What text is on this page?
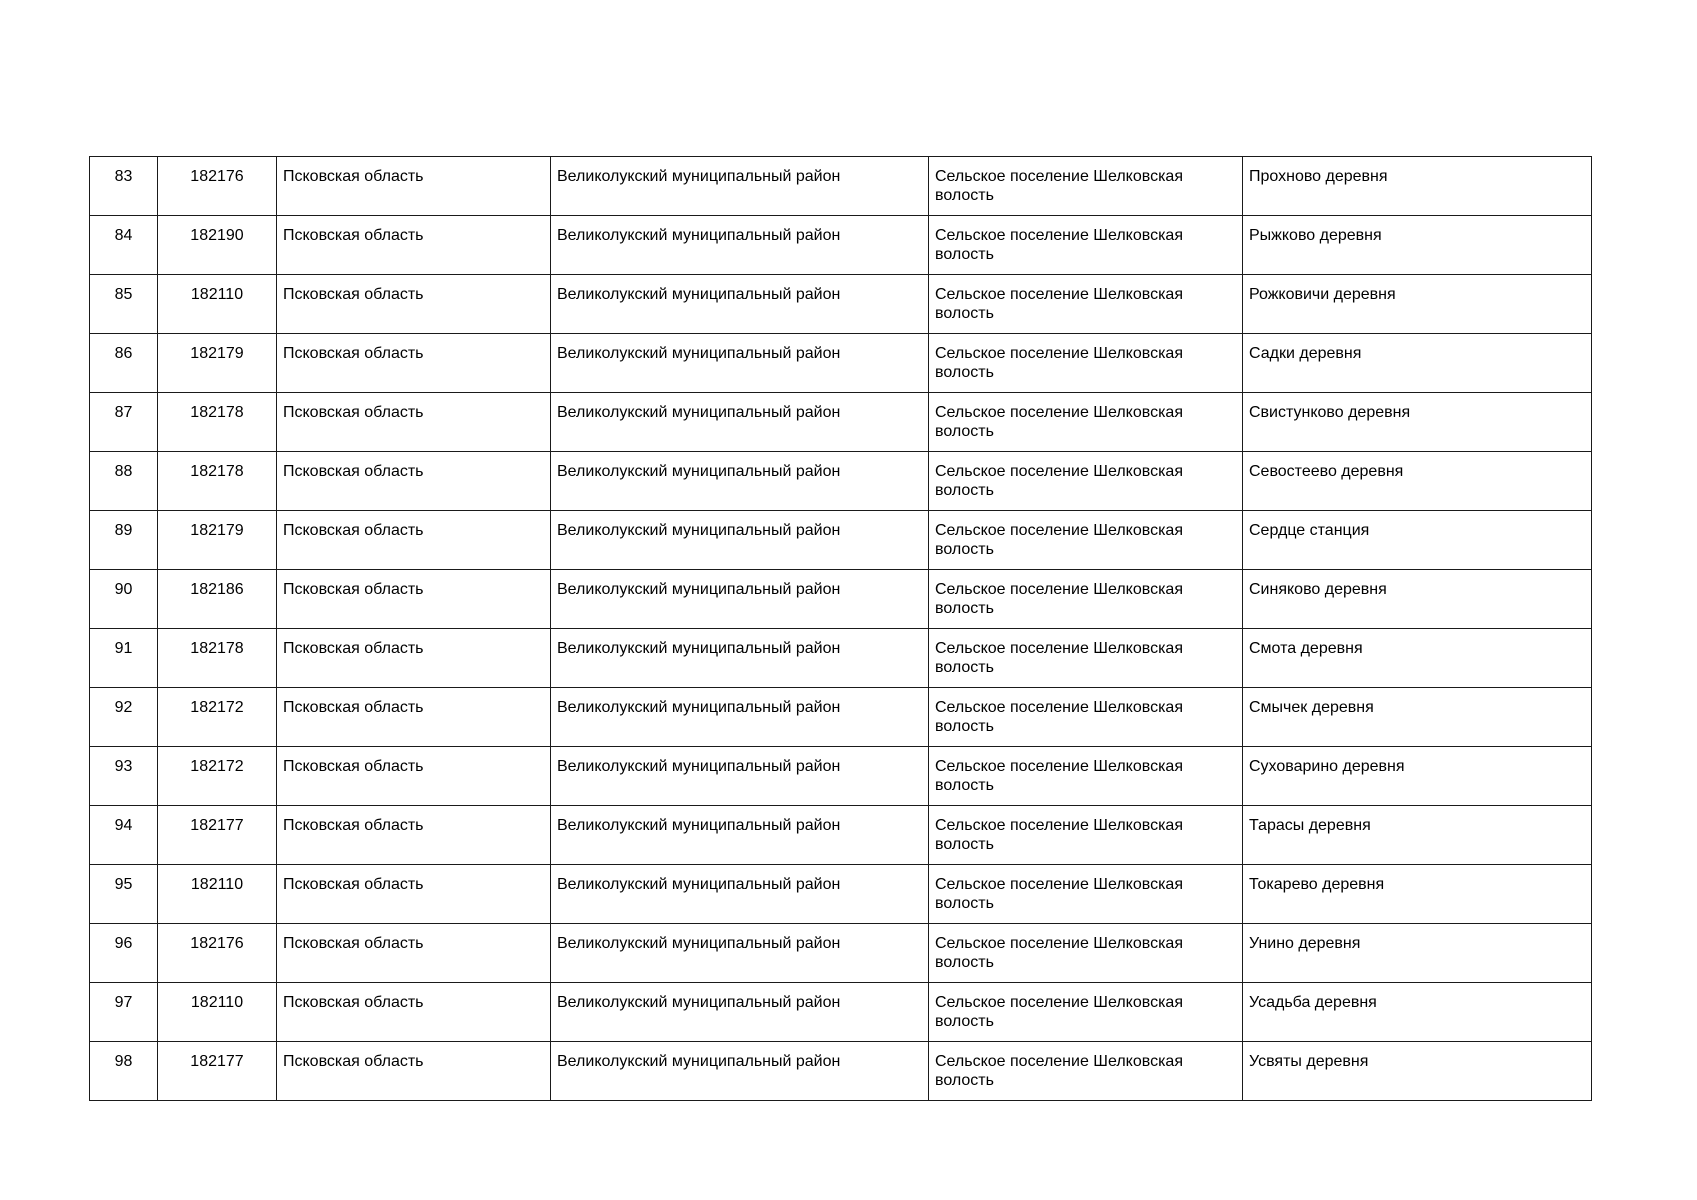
83	182176	Псковская область	Великолукский муниципальный район	Сельское поселение Шелковская волость	Прохново деревня
84	182190	Псковская область	Великолукский муниципальный район	Сельское поселение Шелковская волость	Рыжково деревня
85	182110	Псковская область	Великолукский муниципальный район	Сельское поселение Шелковская волость	Рожковичи деревня
86	182179	Псковская область	Великолукский муниципальный район	Сельское поселение Шелковская волость	Садки деревня
87	182178	Псковская область	Великолукский муниципальный район	Сельское поселение Шелковская волость	Свистунково деревня
88	182178	Псковская область	Великолукский муниципальный район	Сельское поселение Шелковская волость	Севостеево деревня
89	182179	Псковская область	Великолукский муниципальный район	Сельское поселение Шелковская волость	Сердце станция
90	182186	Псковская область	Великолукский муниципальный район	Сельское поселение Шелковская волость	Синяково деревня
91	182178	Псковская область	Великолукский муниципальный район	Сельское поселение Шелковская волость	Смота деревня
92	182172	Псковская область	Великолукский муниципальный район	Сельское поселение Шелковская волость	Смычек деревня
93	182172	Псковская область	Великолукский муниципальный район	Сельское поселение Шелковская волость	Суховарино деревня
94	182177	Псковская область	Великолукский муниципальный район	Сельское поселение Шелковская волость	Тарасы деревня
95	182110	Псковская область	Великолукский муниципальный район	Сельское поселение Шелковская волость	Токарево деревня
96	182176	Псковская область	Великолукский муниципальный район	Сельское поселение Шелковская волость	Унино деревня
97	182110	Псковская область	Великолукский муниципальный район	Сельское поселение Шелковская волость	Усадьба деревня
98	182177	Псковская область	Великолукский муниципальный район	Сельское поселение Шелковская волость	Усвяты деревня
